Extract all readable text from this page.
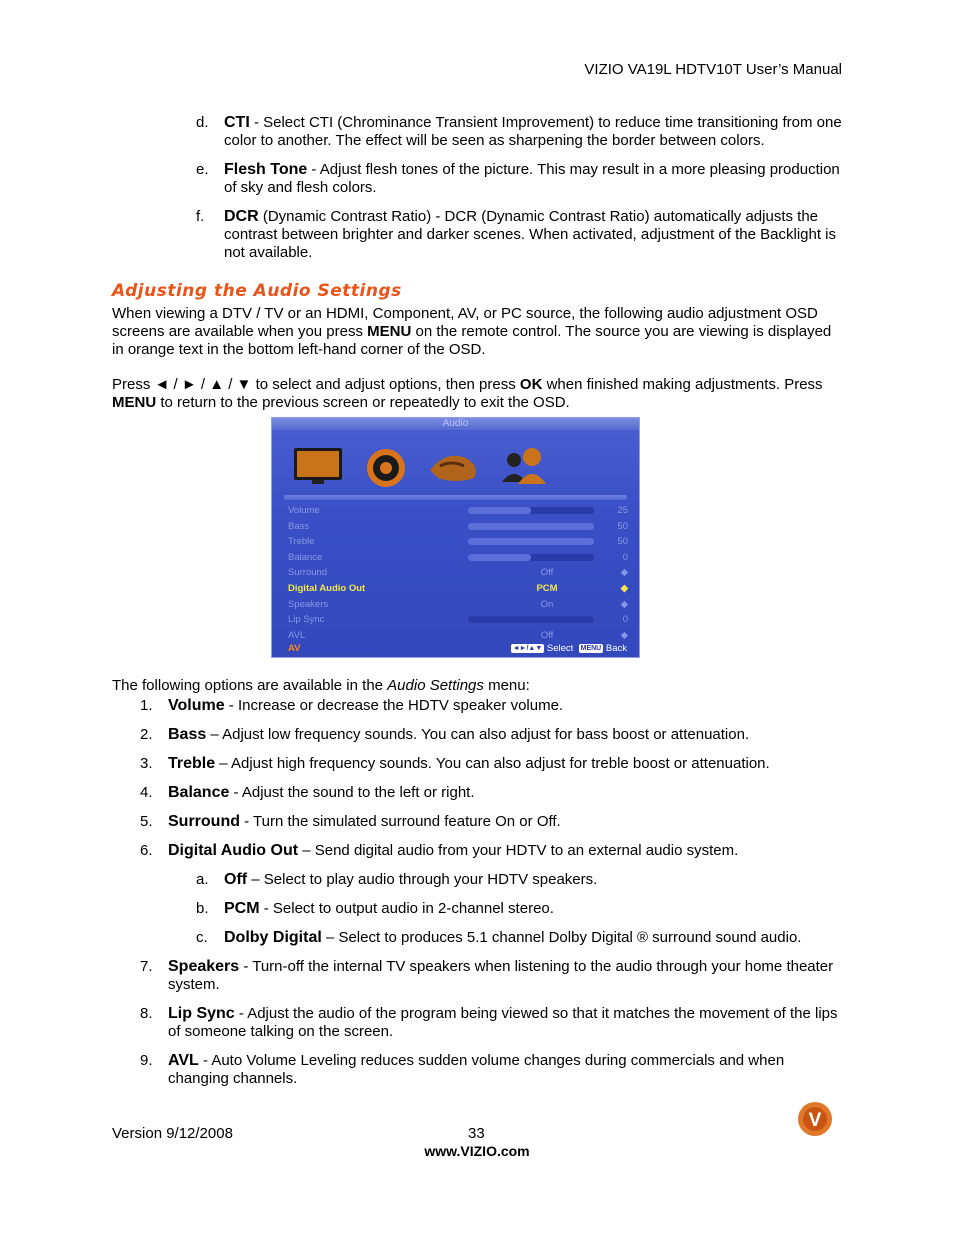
VIZIO VA19L HDTV10T User’s Manual
d. CTI - Select CTI (Chrominance Transient Improvement) to reduce time transitioning from one color to another. The effect will be seen as sharpening the border between colors.
e. Flesh Tone - Adjust flesh tones of the picture. This may result in a more pleasing production of sky and flesh colors.
f.	DCR (Dynamic Contrast Ratio) - DCR (Dynamic Contrast Ratio) automatically adjusts the contrast between brighter and darker scenes. When activated, adjustment of the Backlight is not available.
Adjusting the Audio Settings
When viewing a DTV / TV or an HDMI, Component, AV, or PC source, the following audio adjustment OSD screens are available when you press MENU on the remote control. The source you are viewing is displayed in orange text in the bottom left-hand corner of the OSD.
Press ◄ / ► / ▲ / ▼ to select and adjust options, then press OK when finished making adjustments. Press MENU to return to the previous screen or repeatedly to exit the OSD.
Audio
Volume	25
Bass	50
Treble	50
Balance	0
Surround	Off	◆
Digital Audio Out	PCM	◆
Speakers	On	◆
Lip Sync	0
AVL	Off	◆
AV	◄►/▲▼ Select MENU Back
The following options are available in the Audio Settings menu:
1. Volume - Increase or decrease the HDTV speaker volume.
2. Bass – Adjust low frequency sounds. You can also adjust for bass boost or attenuation.
3. Treble – Adjust high frequency sounds. You can also adjust for treble boost or attenuation.
4. Balance - Adjust the sound to the left or right.
5. Surround - Turn the simulated surround feature On or Off.
6. Digital Audio Out – Send digital audio from your HDTV to an external audio system.
a. Off – Select to play audio through your HDTV speakers.
b. PCM - Select to output audio in 2-channel stereo.
c.	Dolby Digital – Select to produces 5.1 channel Dolby Digital ® surround sound audio.
7. Speakers - Turn-off the internal TV speakers when listening to the audio through your home theater system.
8. Lip Sync - Adjust the audio of the program being viewed so that it matches the movement of the lips of someone talking on the screen.
9. AVL - Auto Volume Leveling reduces sudden volume changes during commercials and when changing channels.
Version 9/12/2008	33
www.VIZIO.com
V
